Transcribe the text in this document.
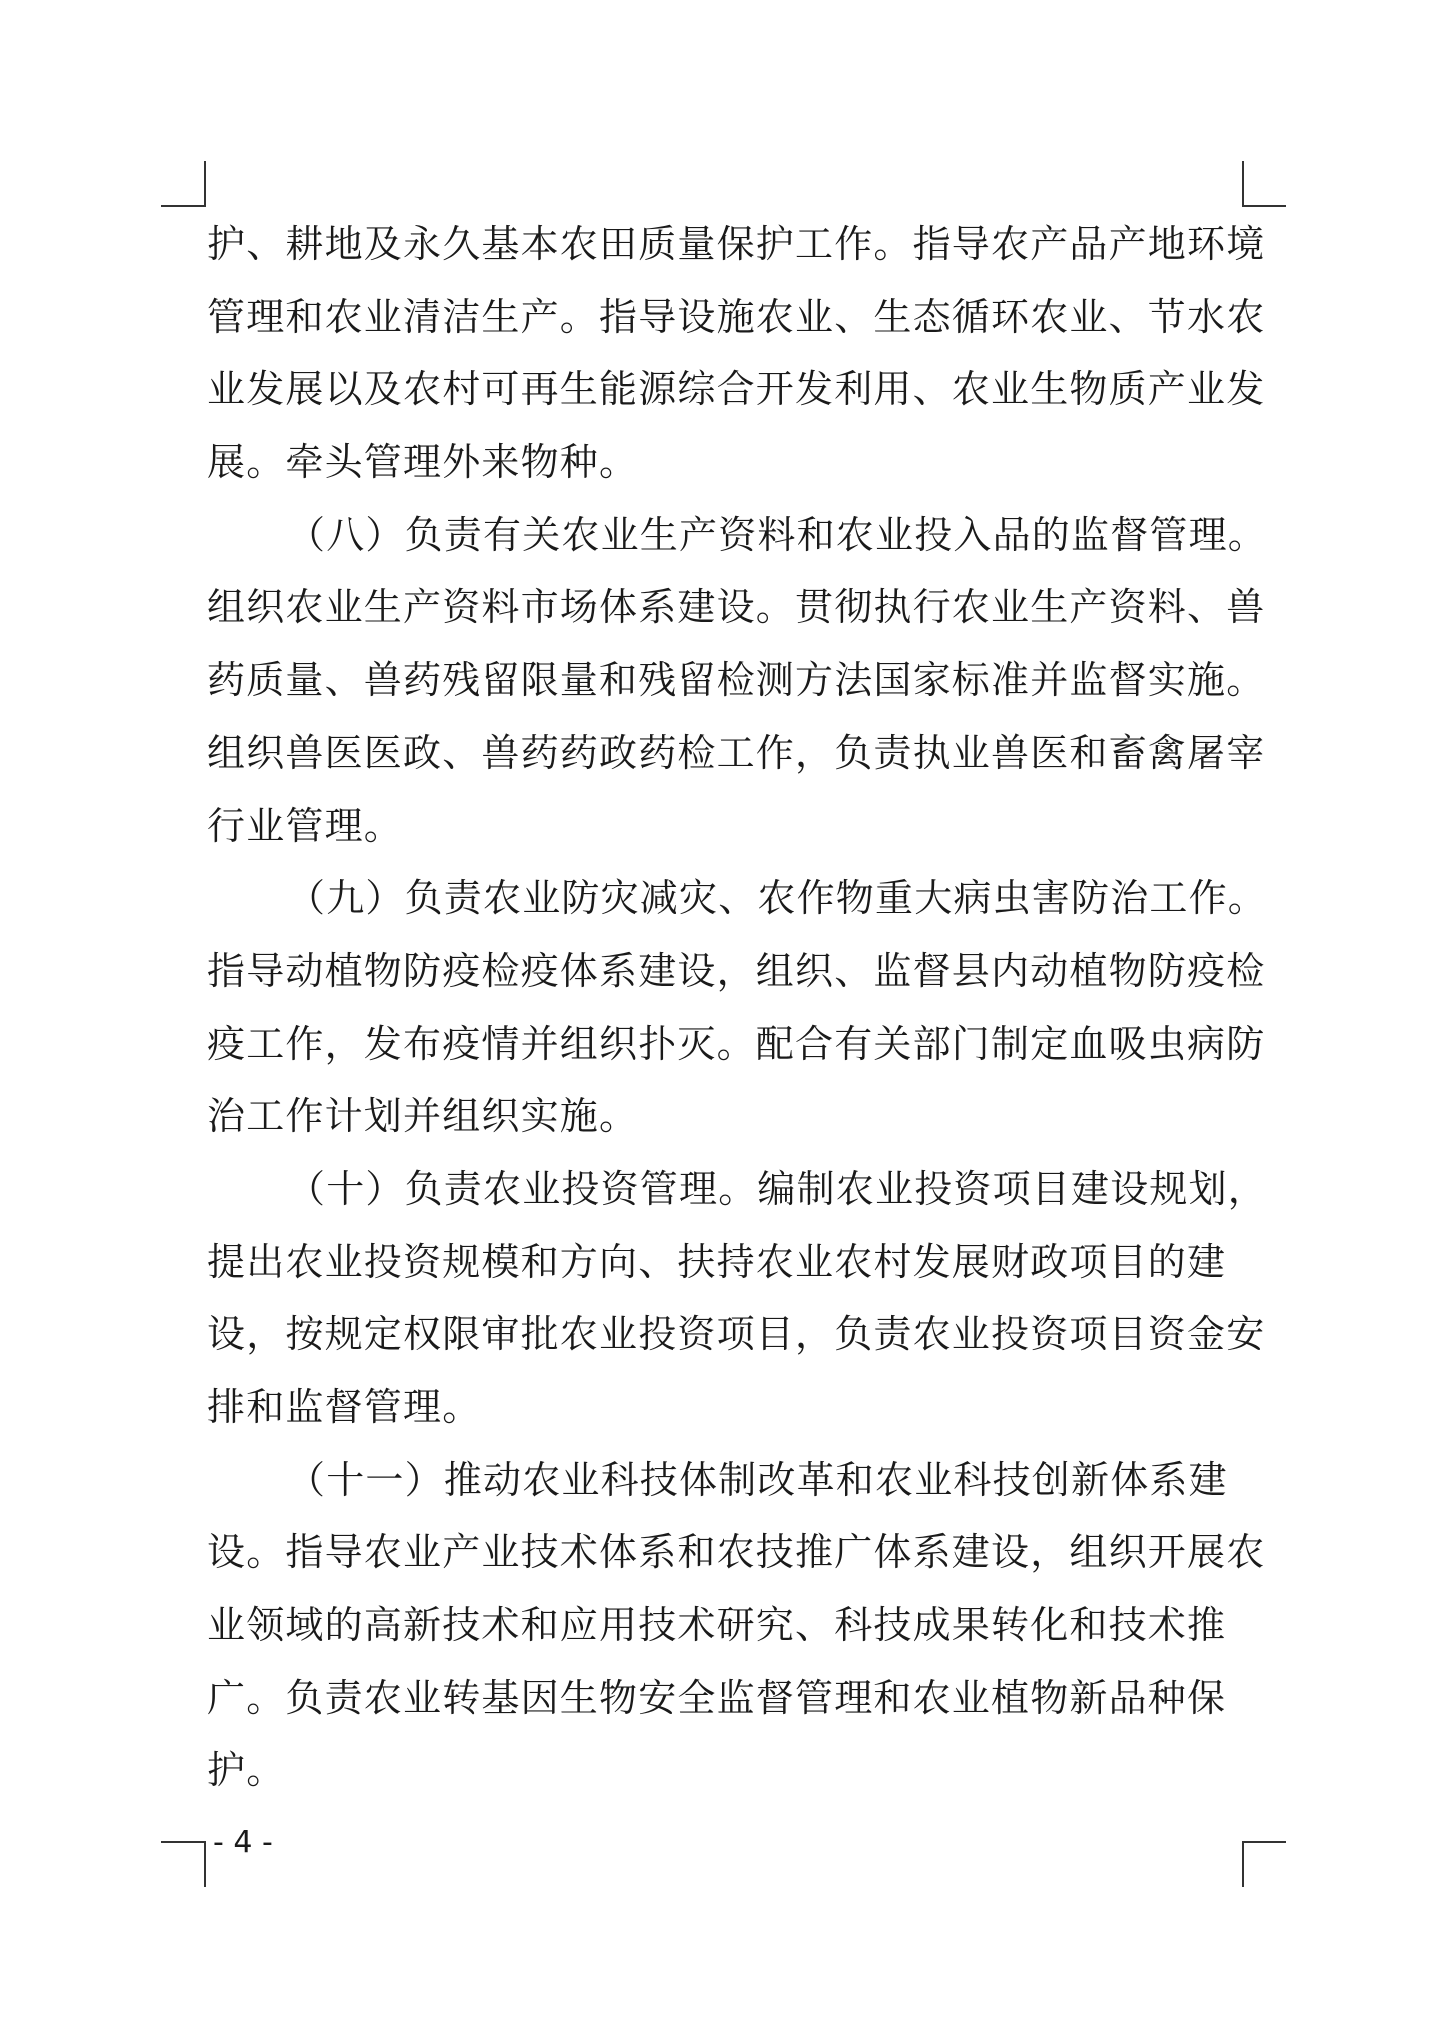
护、耕地及永久基本农田质量保护工作。指导农产品产地环境
管理和农业清洁生产。指导设施农业、生态循环农业、节水农
业发展以及农村可再生能源综合开发利用、农业生物质产业发
展。牵头管理外来物种。
（八）负责有关农业生产资料和农业投入品的监督管理。
组织农业生产资料市场体系建设。贯彻执行农业生产资料、兽
药质量、兽药残留限量和残留检测方法国家标准并监督实施。
组织兽医医政、兽药药政药检工作，负责执业兽医和畜禽屠宰
行业管理。
（九）负责农业防灾减灾、农作物重大病虫害防治工作。
指导动植物防疫检疫体系建设，组织、监督县内动植物防疫检
疫工作，发布疫情并组织扑灭。配合有关部门制定血吸虫病防
治工作计划并组织实施。
（十）负责农业投资管理。编制农业投资项目建设规划，
提出农业投资规模和方向、扶持农业农村发展财政项目的建
设，按规定权限审批农业投资项目，负责农业投资项目资金安
排和监督管理。
（十一）推动农业科技体制改革和农业科技创新体系建
设。指导农业产业技术体系和农技推广体系建设，组织开展农
业领域的高新技术和应用技术研究、科技成果转化和技术推
广。负责农业转基因生物安全监督管理和农业植物新品种保
护。
- 4 -
